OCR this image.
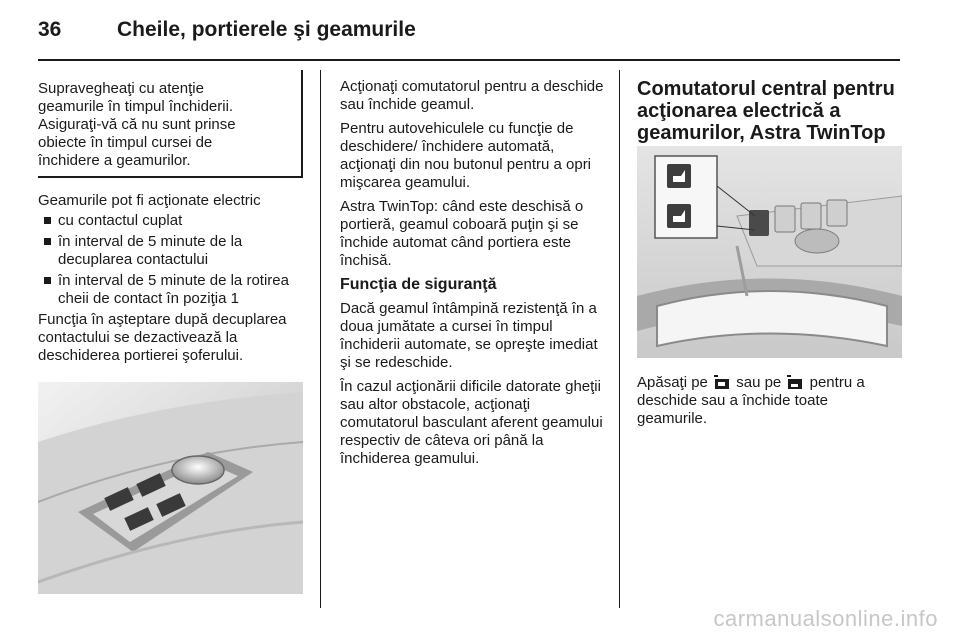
36	Cheile, portierele şi geamurile

Supravegheaţi cu atenţie

geamurile în timpul închiderii.

Asiguraţi-vă că nu sunt prinse

obiecte în timpul cursei de

închidere a geamurilor.

Geamurile pot fi acţionate electric

cu contactul cuplat
în interval de 5 minute de la decuplarea contactului
în interval de 5 minute de la rotirea cheii de contact în poziţia 1

Funcţia în aşteptare după decuplarea contactului se dezactivează la deschiderea portierei şoferului.

Acţionaţi comutatorul pentru a deschide sau închide geamul.

Pentru autovehiculele cu funcţie de deschidere/ închidere automată, acţionaţi din nou butonul pentru a opri mişcarea geamului.

Astra TwinTop: când este deschisă o portieră, geamul coboară puţin şi se închide automat când portiera este închisă.

Funcţia de siguranţă

Dacă geamul întâmpină rezistenţă în a doua jumătate a cursei în timpul închiderii automate, se opreşte imediat şi se redeschide.

În cazul acţionării dificile datorate gheţii sau altor obstacole, acţionaţi comutatorul basculant aferent geamului respectiv de câteva ori până la închiderea geamului.

Comutatorul central pentru acţionarea electrică a geamurilor, Astra TwinTop

Apăsaţi pe sau pe pentru a deschide sau a închide toate geamurile.

carmanualsonline.info
